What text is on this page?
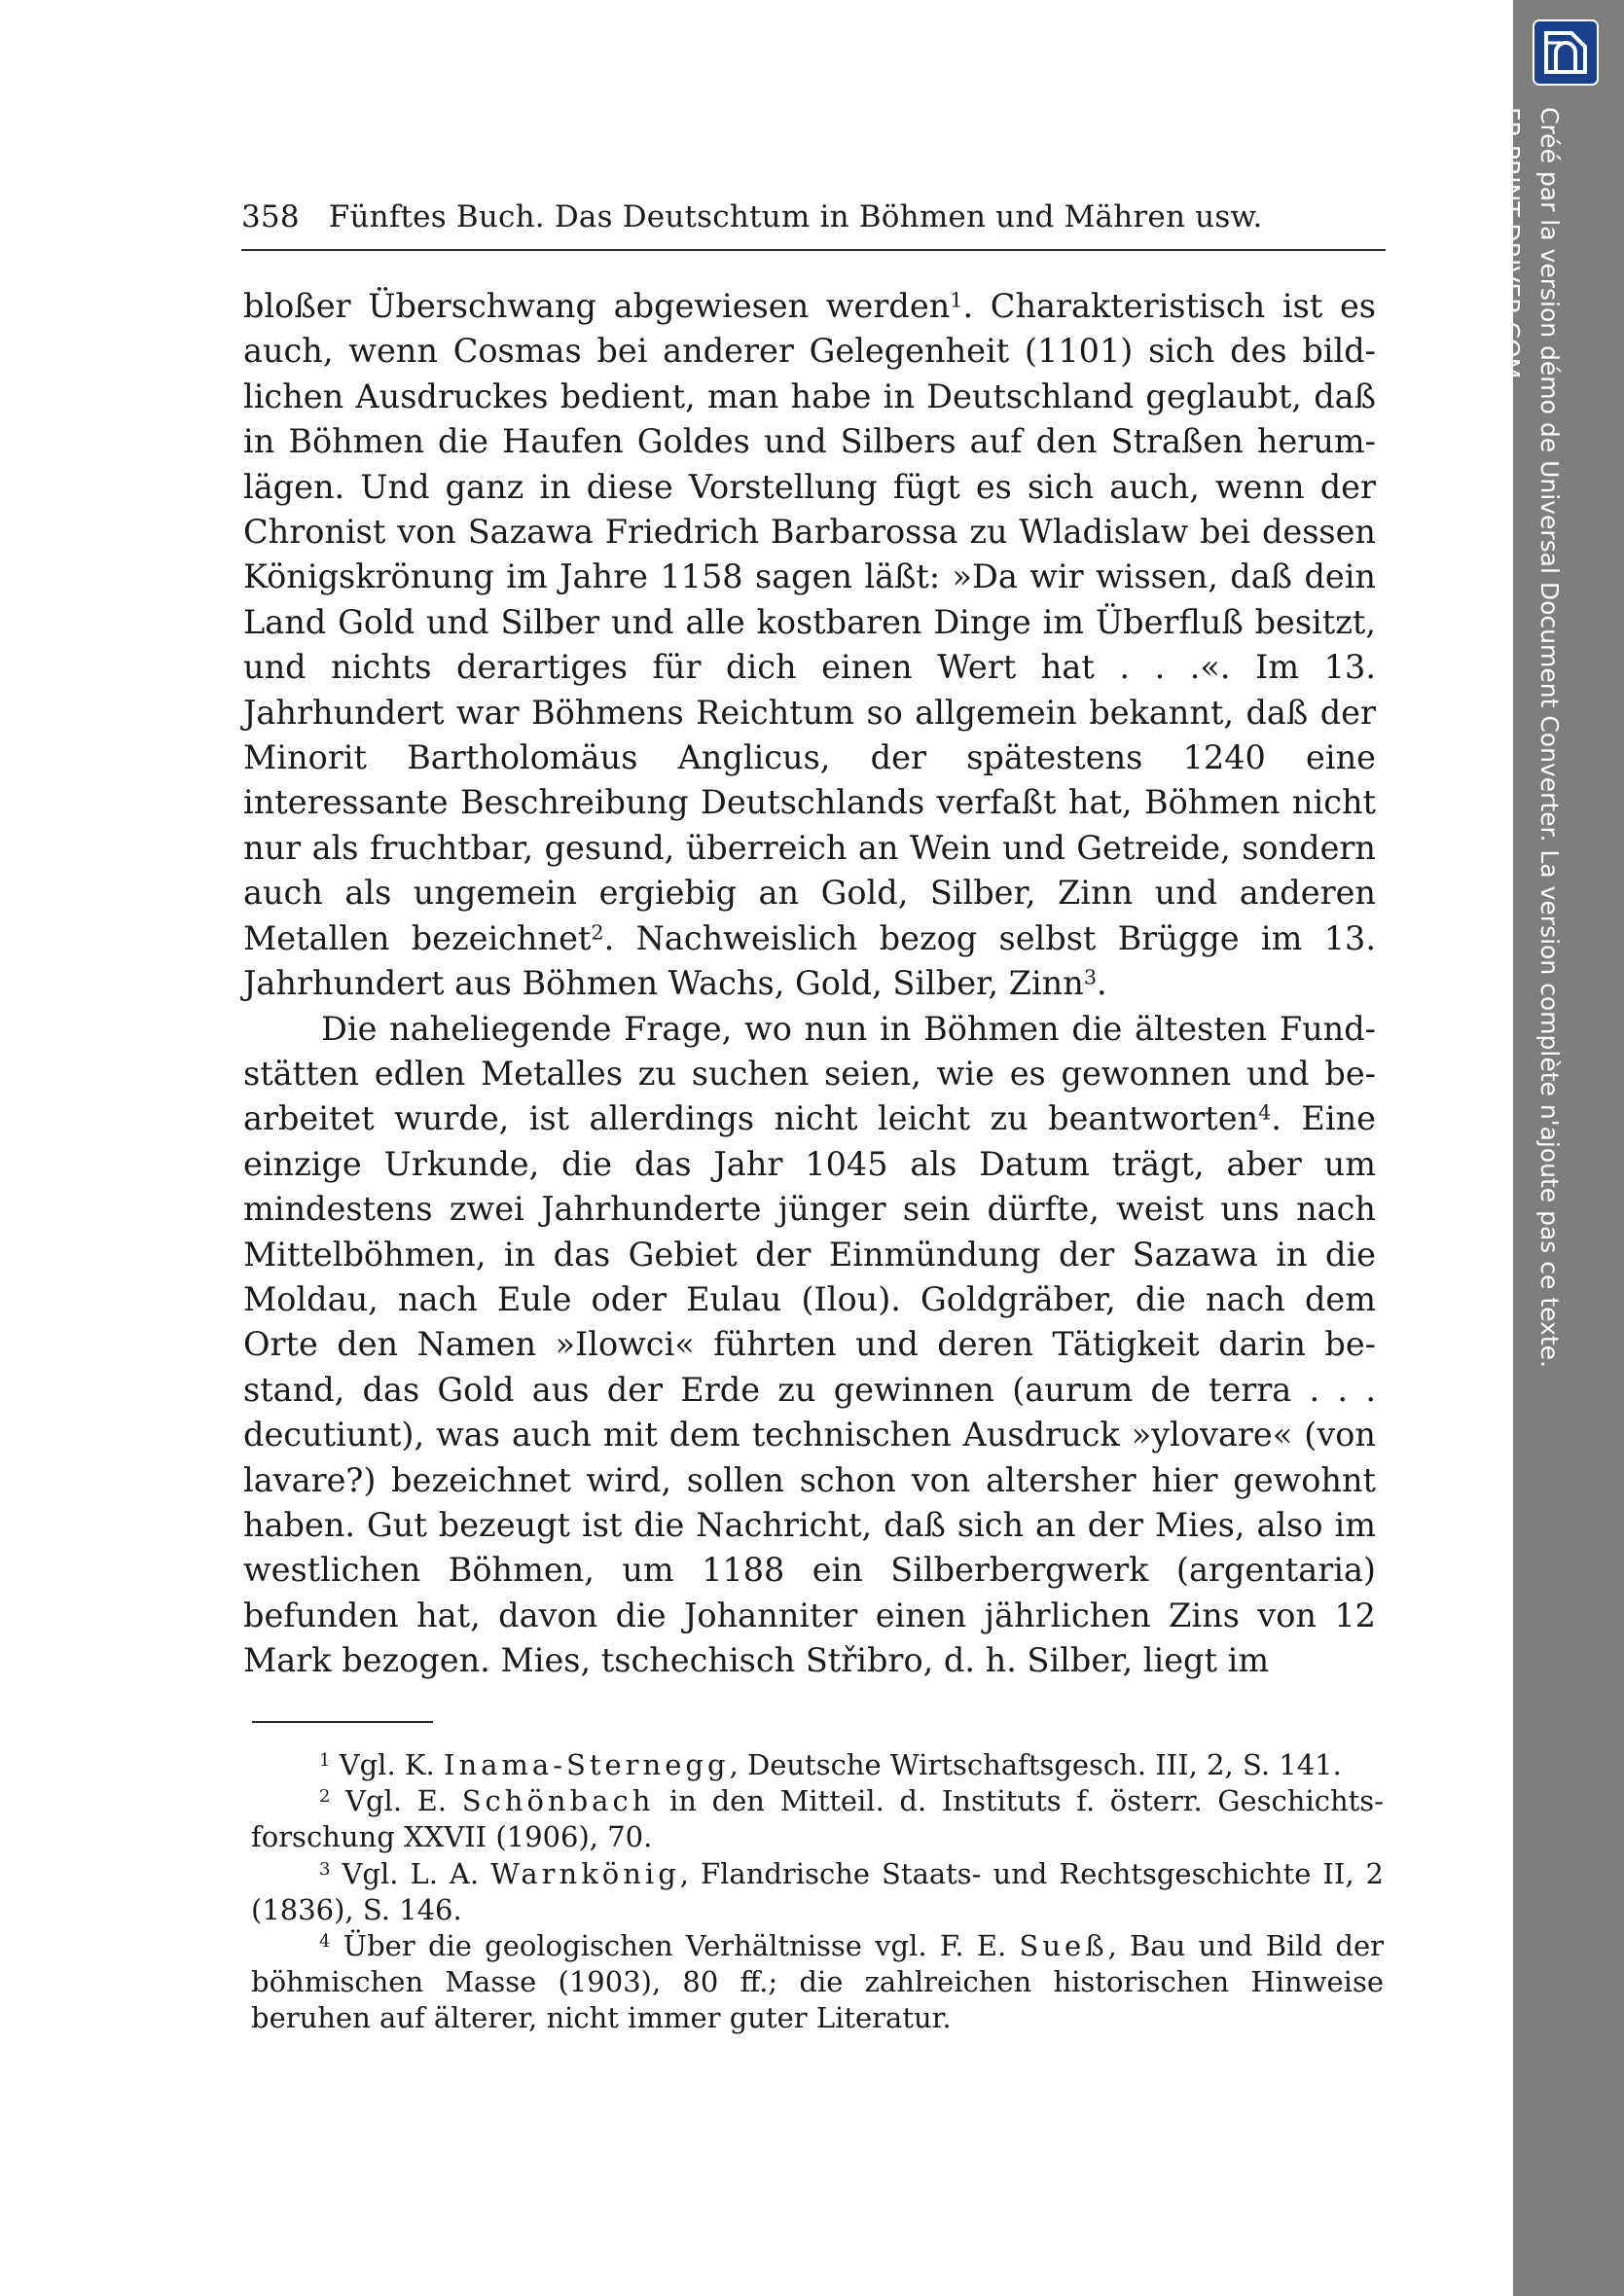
358 Fünftes Buch. Das Deutschtum in Böhmen und Mähren usw.

bloßer Überschwang abgewiesen werden$^1$. Charakteristisch ist es auch, wenn Cosmas bei anderer Gelegenheit (1101) sich des bildlichen Ausdruckes bedient, man habe in Deutschland geglaubt, daß in Böhmen die Haufen Goldes und Silbers auf den Straßen herumlägen. Und ganz in diese Vorstellung fügt es sich auch, wenn der Chronist von Sazawa Friedrich Barbarossa zu Wladislaw bei dessen Königskrönung im Jahre 1158 sagen läßt: »Da wir wissen, daß dein Land Gold und Silber und alle kostbaren Dinge im Überfluß besitzt, und nichts derartiges für dich einen Wert hat . . .«. Im 13. Jahrhundert war Böhmens Reichtum so allgemein bekannt, daß der Minorit Bartholomäus Anglicus, der spätestens 1240 eine interessante Beschreibung Deutschlands verfaßt hat, Böhmen nicht nur als fruchtbar, gesund, überreich an Wein und Getreide, sondern auch als ungemein ergiebig an Gold, Silber, Zinn und anderen Metallen bezeichnet$^2$. Nachweislich bezog selbst Brügge im 13. Jahrhundert aus Böhmen Wachs, Gold, Silber, Zinn$^3$.

Die naheliegende Frage, wo nun in Böhmen die ältesten Fundstätten edlen Metalles zu suchen seien, wie es gewonnen und bearbeitet wurde, ist allerdings nicht leicht zu beantworten$^4$. Eine einzige Urkunde, die das Jahr 1045 als Datum trägt, aber um mindestens zwei Jahrhunderte jünger sein dürfte, weist uns nach Mittelböhmen, in das Gebiet der Einmündung der Sazawa in die Moldau, nach Eule oder Eulau (Ilou). Goldgräber, die nach dem Orte den Namen »Ilowci« führten und deren Tätigkeit darin bestand, das Gold aus der Erde zu gewinnen (aurum de terra . . . decutiunt), was auch mit dem technischen Ausdruck »ylovare« (von lavare?) bezeichnet wird, sollen schon von altersher hier gewohnt haben. Gut bezeugt ist die Nachricht, daß sich an der Mies, also im westlichen Böhmen, um 1188 ein Silberbergwerk (argentaria) befunden hat, davon die Johanniter einen jährlichen Zins von 12 Mark bezogen. Mies, tschechisch Střibro, d. h. Silber, liegt im

$^1$ Vgl. K. Inama-Sternegg, Deutsche Wirtschaftsgesch. III, 2, S. 141.

$^2$ Vgl. E. Schönbach in den Mitteil. d. Instituts f. österr. Geschichtsforschung XXVII (1906), 70.

$^3$ Vgl. L. A. Warnkönig, Flandrische Staats- und Rechtsgeschichte II, 2 (1836), S. 146.

$^4$ Über die geologischen Verhältnisse vgl. F. E. Sueß, Bau und Bild der böhmischen Masse (1903), 80 ff.; die zahlreichen historischen Hinweise beruhen auf älterer, nicht immer guter Literatur.

Créé par la version démo de Universal Document Converter. La version complète n'ajoute pas ce texte.
FR.PRINT-DRIVER.COM
